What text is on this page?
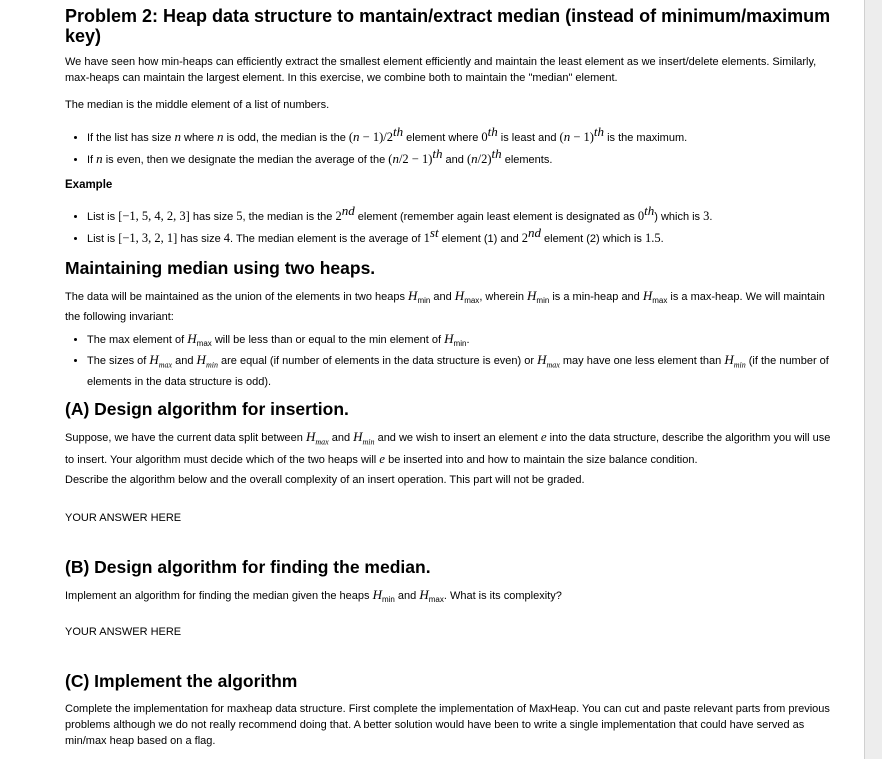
Problem 2: Heap data structure to mantain/extract median (instead of minimum/maximum key)

We have seen how min-heaps can efficiently extract the smallest element efficiently and maintain the least element as we insert/delete elements. Similarly, max-heaps can maintain the largest element. In this exercise, we combine both to maintain the "median" element.

The median is the middle element of a list of numbers.

• If the list has size n where n is odd, the median is the (n − 1)/2th element where 0th is least and $(n - 1)^{th}$ is the maximum.
• If n is even, then we designate the median the average of the $(n/2 - 1)^{th}$ and $(n/2)^{th}$ elements.
Example
• List is [−1, 5, 4, 2, 3] has size 5, the median is the 2nd element (remember again least element is designated as 0th) which is 3.
• List is [−1, 3, 2, 1] has size 4. The median element is the average of 1st element (1) and 2nd element (2) which is 1.5.
Maintaining median using two heaps.

The data will be maintained as the union of the elements in two heaps $H_{min}$ and $H_{max}$, wherein $H_{min}$ is a min-heap and $H_{max}$ is a max-heap. We will maintain the following invariant:

• The max element of $H_{max}$ will be less than or equal to the min element of $H_{min}$.
• The sizes of $H_{max}$ and $H_{min}$ are equal (if number of elements in the data structure is even) or $H_{max}$ may have one less element than $H_{min}$ (if the number of elements in the data structure is odd).
(A) Design algorithm for insertion.

Suppose, we have the current data split between $H_{max}$ and $H_{min}$ and we wish to insert an element e into the data structure, describe the algorithm you will use to insert. Your algorithm must decide which of the two heaps will e be inserted into and how to maintain the size balance condition.

Describe the algorithm below and the overall complexity of an insert operation. This part will not be graded.

YOUR ANSWER HERE

(B) Design algorithm for finding the median.

Implement an algorithm for finding the median given the heaps $H_{min}$ and $H_{max}$. What is its complexity?

YOUR ANSWER HERE

(C) Implement the algorithm

Complete the implementation for maxheap data structure. First complete the implementation of MaxHeap. You can cut and paste relevant parts from previous problems although we do not really recommend doing that. A better solution would have been to write a single implementation that could have served as min/max heap based on a flag.
